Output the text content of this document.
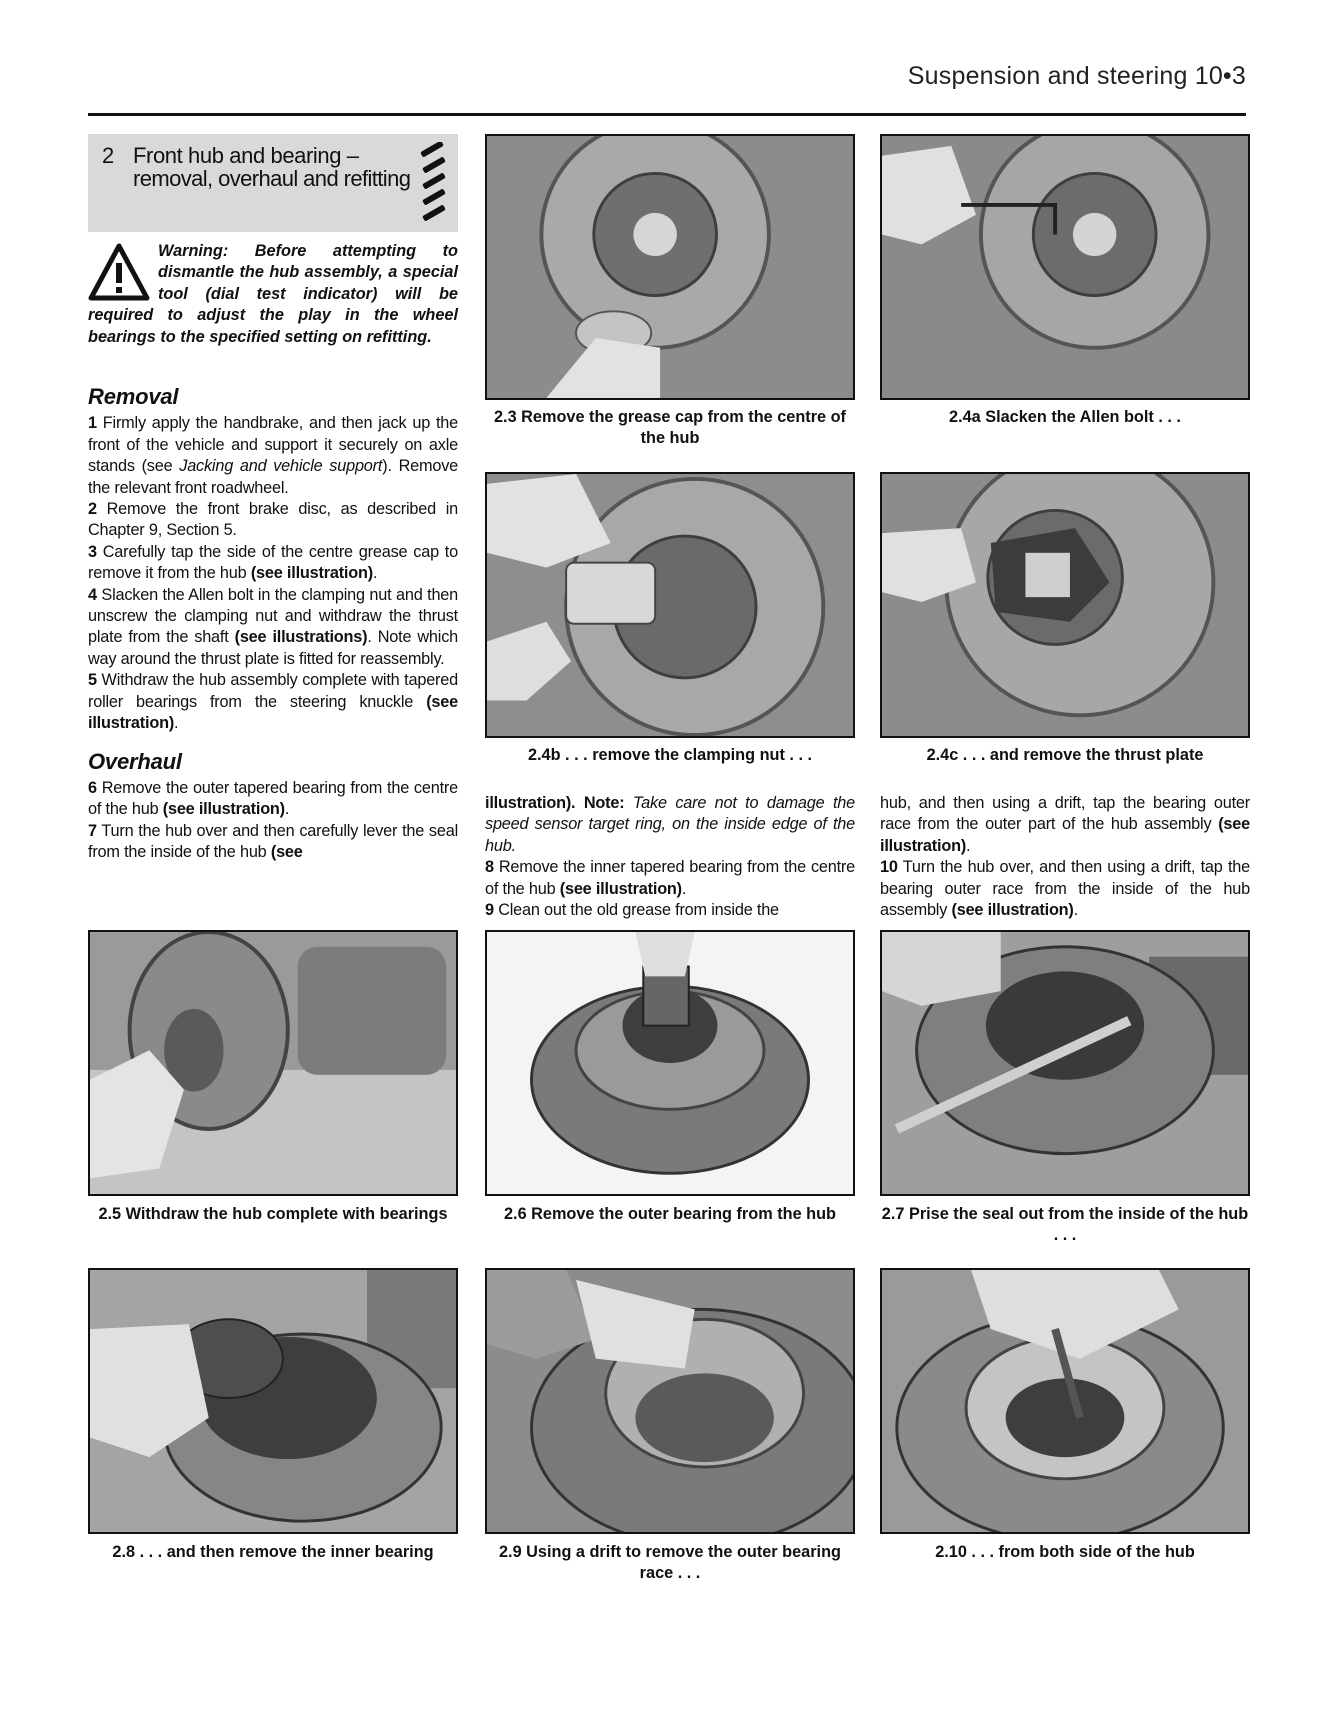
Suspension and steering 10•3
2 Front hub and bearing –
removal, overhaul and refitting
Warning: Before attempting to dismantle the hub assembly, a special tool (dial test indicator) will be required to adjust the play in the wheel bearings to the specified setting on refitting.
Removal

1 Firmly apply the handbrake, and then jack up the front of the vehicle and support it securely on axle stands (see Jacking and vehicle support). Remove the relevant front roadwheel.

2 Remove the front brake disc, as described in Chapter 9, Section 5.

3 Carefully tap the side of the centre grease cap to remove it from the hub (see illustration).

4 Slacken the Allen bolt in the clamping nut and then unscrew the clamping nut and withdraw the thrust plate from the shaft (see illustrations). Note which way around the thrust plate is fitted for reassembly.

5 Withdraw the hub assembly complete with tapered roller bearings from the steering knuckle (see illustration).

Overhaul

6 Remove the outer tapered bearing from the centre of the hub (see illustration).

7 Turn the hub over and then carefully lever the seal from the inside of the hub (see

illustration). Note: Take care not to damage the speed sensor target ring, on the inside edge of the hub.

8 Remove the inner tapered bearing from the centre of the hub (see illustration).

9 Clean out the old grease from inside the

hub, and then using a drift, tap the bearing outer race from the outer part of the hub assembly (see illustration).

10 Turn the hub over, and then using a drift, tap the bearing outer race from the inside of the hub assembly (see illustration).

2.3 Remove the grease cap from the centre of the hub
2.4a Slacken the Allen bolt . . .
2.4b . . . remove the clamping nut . . .	2.4c . . . and remove the thrust plate
2.5 Withdraw the hub complete with bearings	2.6 Remove the outer bearing from the hub	2.7 Prise the seal out from the inside of the hub . . .
2.8 . . . and then remove the inner bearing	2.9 Using a drift to remove the outer bearing race . . .
2.10 . . . from both side of the hub
